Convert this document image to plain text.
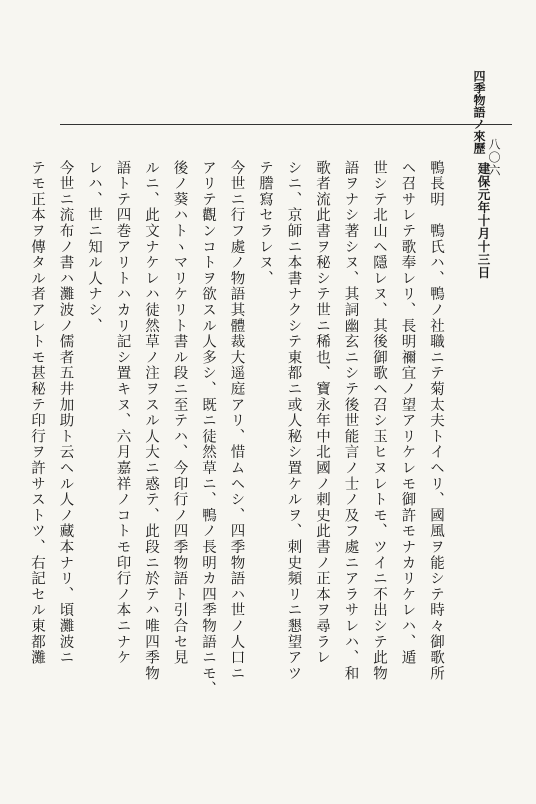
四季物語ノ來歷
八〇六
建保元年十月十三日
鴨長明　鴨氏ハ、鴨ノ社職ニテ菊太夫トイヘリ、國風ヲ能シテ時々御歌所
ヘ召サレテ歌奉レリ、長明禰宜ノ望アリケレモ御許モナカリケレハ、遁
世シテ北山ヘ隱レヌ、其後御歌ヘ召シ玉ヒヌレトモ、ツイニ不出シテ此物
語ヲナシ著シヌ、其詞幽玄ニシテ後世能言ノ士ノ及フ處ニアラサレハ、和
歌者流此書ヲ秘シテ世ニ稀也、寶永年中北國ノ刺史此書ノ正本ヲ尋ラレ
シニ、京師ニ本書ナクシテ東都ニ或人秘シ置ケルヲ、刺史頻リニ懇望アツ
テ謄寫セラレヌ、
今世ニ行フ處ノ物語其體裁大遥庭アリ、惜ムヘシ、四季物語ハ世ノ人口ニ
アリテ觀ンコトヲ欲スル人多シ、既ニ徒然草ニ、鴨ノ長明カ四季物語ニモ、
後ノ葵ハトヽマリケリト書ル段ニ至テハ、今印行ノ四季物語ト引合セ見
ルニ、此文ナケレハ徒然草ノ注ヲスル人大ニ惑テ、此段ニ於テハ唯四季物
語トテ四巻アリトハカリ記シ置キヌ、六月嘉祥ノコトモ印行ノ本ニナケ
レハ、世ニ知ル人ナシ、
今世ニ流布ノ書ハ灘波ノ儒者五井加助ト云ヘル人ノ藏本ナリ、頃灘波ニ
テモ正本ヲ傳タル者アレトモ甚秘テ印行ヲ許サストツ、右記セル東都灘
